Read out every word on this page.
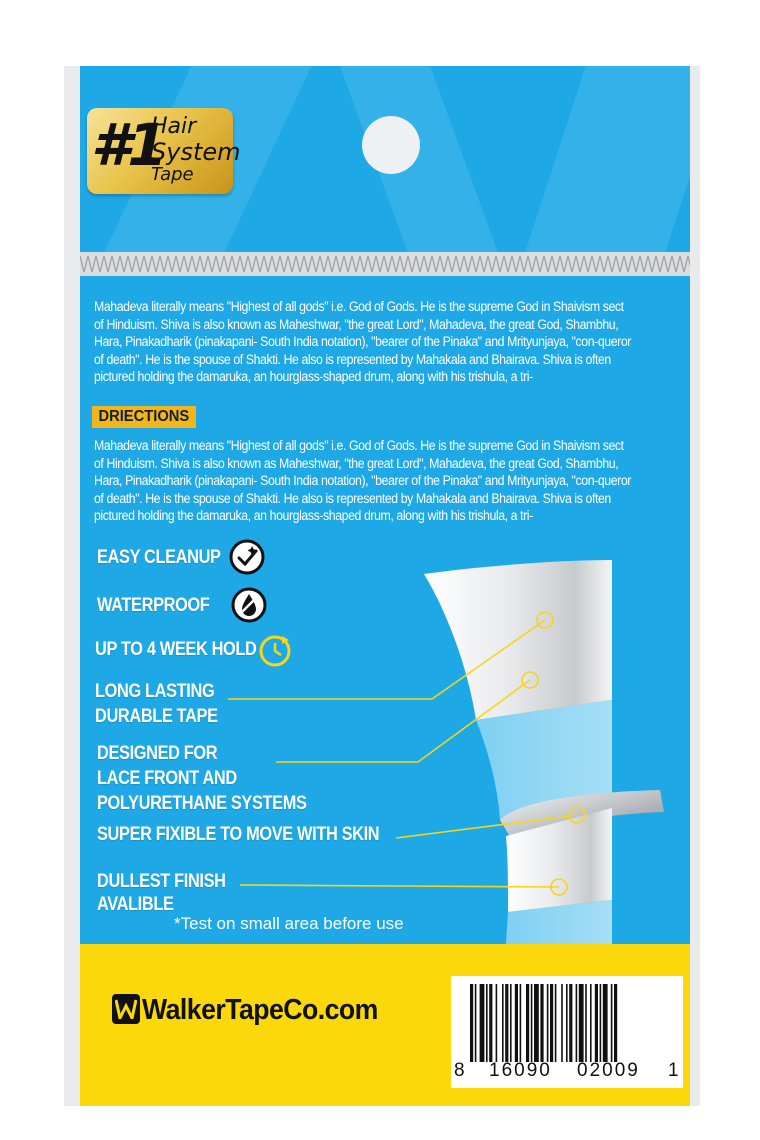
#1
Hair
System
Tape

Mahadeva literally means "Highest of all gods" i.e. God of Gods. He is the supreme God in Shaivism sect of Hinduism. Shiva is also known as Maheshwar, "the great Lord", Mahadeva, the great God, Shambhu, Hara, Pinakadharik (pinakapani- South India notation), "bearer of the Pinaka" and Mrityunjaya, "con-queror of death". He is the spouse of Shakti. He also is represented by Mahakala and Bhairava. Shiva is often pictured holding the damaruka, an hourglass-shaped drum, along with his trishula, a tri-

DRIECTIONS

Mahadeva literally means "Highest of all gods" i.e. God of Gods. He is the supreme God in Shaivism sect of Hinduism. Shiva is also known as Maheshwar, "the great Lord", Mahadeva, the great God, Shambhu, Hara, Pinakadharik (pinakapani- South India notation), "bearer of the Pinaka" and Mrityunjaya, "con-queror of death". He is the spouse of Shakti. He also is represented by Mahakala and Bhairava. Shiva is often pictured holding the damaruka, an hourglass-shaped drum, along with his trishula, a tri-

EASY CLEANUP
WATERPROOF
UP TO 4 WEEK HOLD
LONG LASTING
DURABLE TAPE
DESIGNED FOR
LACE FRONT AND
POLYURETHANE SYSTEMS
SUPER FIXIBLE TO MOVE WITH SKIN
DULLEST FINISH
AVALIBLE
*Test on small area before use
WalkerTapeCo.com
8 16090 02009 1
